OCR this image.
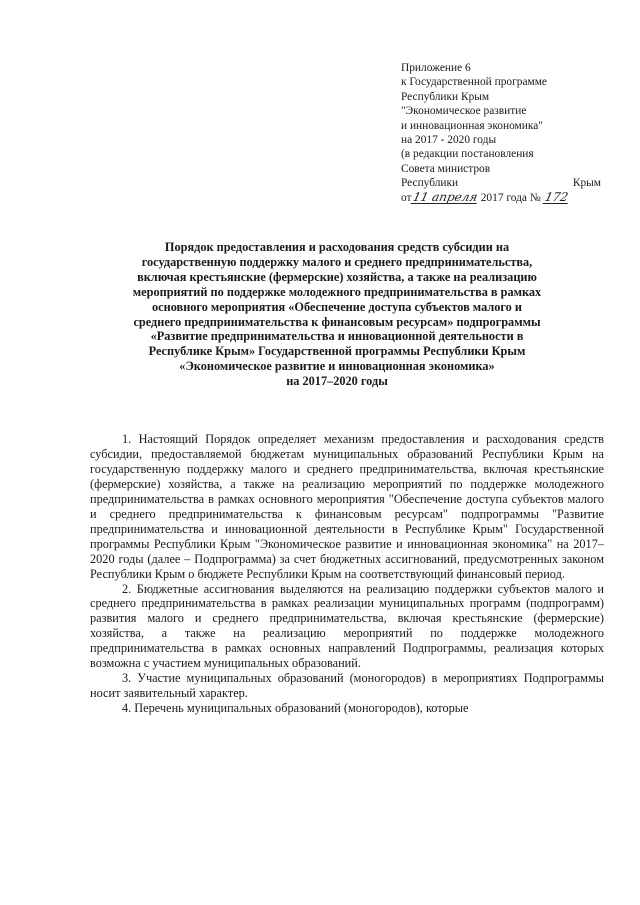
Приложение 6
к Государственной программе
Республики Крым
"Экономическое развитие
и инновационная экономика"
на 2017 - 2020 годы
(в редакции постановления
Совета министров
Республики	Крым
от11 апреля 2017 года № 172
Порядок предоставления и расходования средств субсидии на
государственную поддержку малого и среднего предпринимательства,
включая крестьянские (фермерские) хозяйства, а также на реализацию
мероприятий по поддержке молодежного предпринимательства в рамках
основного мероприятия «Обеспечение доступа субъектов малого и
среднего предпринимательства к финансовым ресурсам» подпрограммы
«Развитие предпринимательства и инновационной деятельности в
Республике Крым» Государственной программы Республики Крым
«Экономическое развитие и инновационная экономика»
на 2017–2020 годы

1. Настоящий Порядок определяет механизм предоставления и расходования средств субсидии, предоставляемой бюджетам муниципальных образований Республики Крым на государственную поддержку малого и среднего предпринимательства, включая крестьянские (фермерские) хозяйства, а также на реализацию мероприятий по поддержке молодежного предпринимательства в рамках основного мероприятия "Обеспечение доступа субъектов малого и среднего предпринимательства к финансовым ресурсам" подпрограммы "Развитие предпринимательства и инновационной деятельности в Республике Крым" Государственной программы Республики Крым "Экономическое развитие и инновационная экономика" на 2017–2020 годы (далее – Подпрограмма) за счет бюджетных ассигнований, предусмотренных законом Республики Крым о бюджете Республики Крым на соответствующий финансовый период.

2. Бюджетные ассигнования выделяются на реализацию поддержки субъектов малого и среднего предпринимательства в рамках реализации муниципальных программ (подпрограмм) развития малого и среднего предпринимательства, включая крестьянские (фермерские) хозяйства, а также на реализацию мероприятий по поддержке молодежного предпринимательства в рамках основных направлений Подпрограммы, реализация которых возможна с участием муниципальных образований.

3. Участие муниципальных образований (моногородов) в мероприятиях Подпрограммы носит заявительный характер.

4. Перечень муниципальных образований (моногородов), которые
